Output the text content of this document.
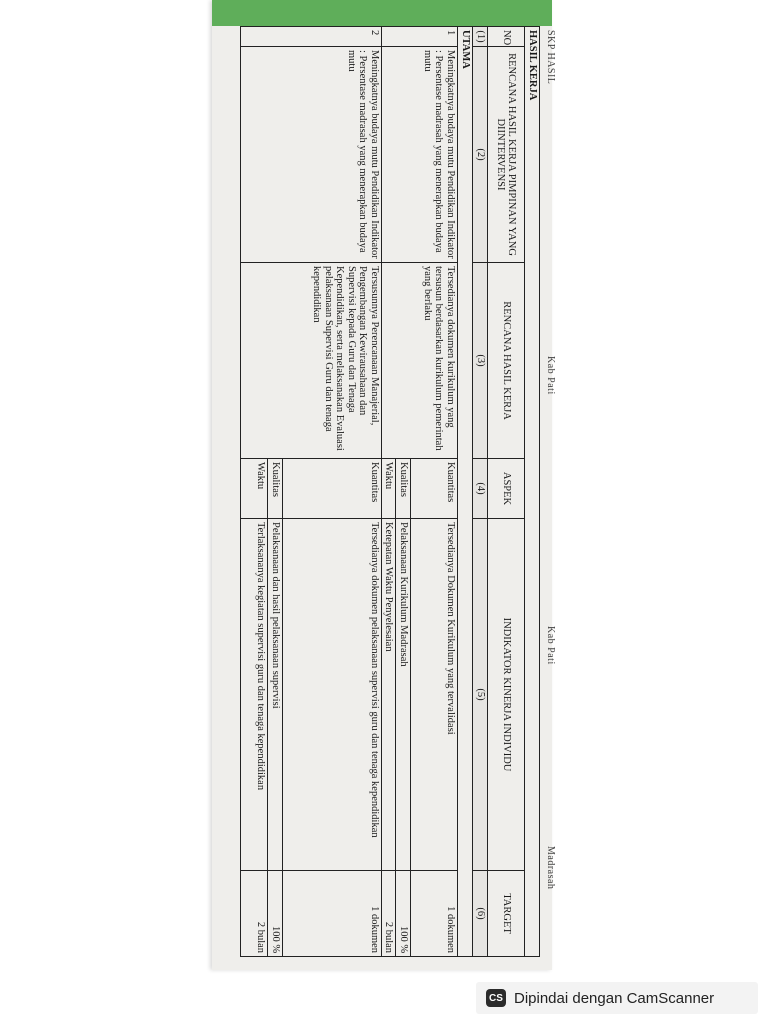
SKP HASIL
Kab Pati
Kab Pati
Madrasah
HASIL KERJA					
NO	RENCANA HASIL KERJA PIMPINAN YANG DIINTERVENSI	RENCANA HASIL KERJA	ASPEK	INDIKATOR KINERJA INDIVIDU	TARGET
(1)	(2)	(3)	(4)	(5)	(6)
UTAMA					
1	Meningkatnya budaya mutu Pendidikan Indikator : Persentase madrasah yang menerapkan budaya mutu	Tersedianya dokumen kurikulum yang tersusun berdasarkan kurikulum pemerintah yang berlaku	Kuantitas	Tersedianya Dokumen Kurikulum yang tervalidasi	1 dokumen
			Kualitas	Pelaksanaan Kurikulum Madrasah	100 %
			Waktu	Ketepatan Waktu Penyelesaian	2 bulan
2	Meningkatnya budaya mutu Pendidikan Indikator : Persentase madrasah yang menerapkan budaya mutu	Tersusunnya Perencanaan Manajerial, Pengembangan Kewirausahaan dan Supervisi kepada Guru dan Tenaga Kependidikan, serta melaksanakan Evaluasi pelaksanaan Supervisi Guru dan tenaga kependidikan	Kuantitas	Tersedianya dokumen pelaksanaan supervisi guru dan tenaga kependidikan	1 dokumen
			Kualitas	Pelaksanaan dan hasil pelaksanaan supervisi	100 %
			Waktu	Terlaksananya kegiatan supervisi guru dan tenaga kependidikan	2 bulan
CS Dipindai dengan CamScanner
